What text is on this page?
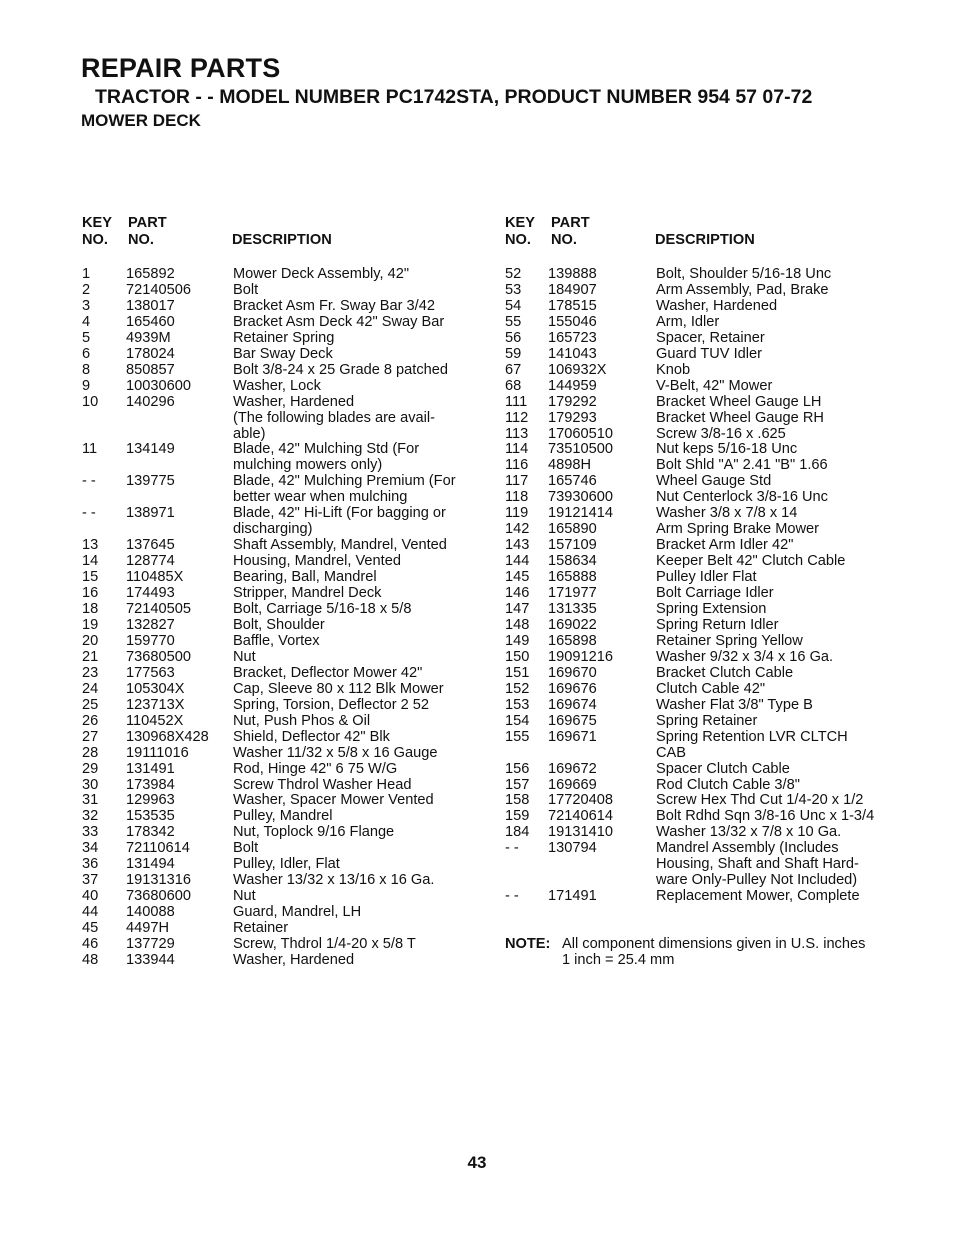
REPAIR PARTS
TRACTOR - - MODEL NUMBER PC1742STA, PRODUCT NUMBER 954 57 07-72
MOWER DECK
KEY
NO.
PART
NO.	DESCRIPTION
1 165892	Mower Deck Assembly, 42"
2 72140506	Bolt
3 138017	Bracket Asm Fr. Sway Bar 3/42
4 165460	Bracket Asm Deck 42" Sway Bar
5 4939M	Retainer Spring
6 178024	Bar Sway Deck
8 850857	Bolt 3/8-24 x 25 Grade 8 patched
9 10030600	Washer, Lock
10 140296	Washer, Hardened
(The following blades are avail-
able)
11 134149	Blade, 42" Mulching Std (For
mulching mowers only)
- - 139775	Blade, 42" Mulching Premium (For
better wear when mulching
- - 138971	Blade, 42" Hi-Lift (For bagging or
discharging)
13 137645	Shaft Assembly, Mandrel, Vented
14 128774	Housing, Mandrel, Vented
15 110485X	Bearing, Ball, Mandrel
16 174493	Stripper, Mandrel Deck
18 72140505	Bolt, Carriage 5/16-18 x 5/8
19 132827	Bolt, Shoulder
20 159770	Baffle, Vortex
21 73680500	Nut
23 177563	Bracket, Deflector Mower 42"
24 105304X	Cap, Sleeve 80 x 112 Blk Mower
25 123713X	Spring, Torsion, Deflector 2 52
26 110452X	Nut, Push Phos & Oil
27 130968X428 Shield, Deflector 42" Blk
28 19111016	Washer 11/32 x 5/8 x 16 Gauge
29 131491	Rod, Hinge 42" 6 75 W/G
30 173984	Screw Thdrol Washer Head
31 129963	Washer, Spacer Mower Vented
32 153535	Pulley, Mandrel
33 178342	Nut, Toplock 9/16 Flange
34 72110614	Bolt
36 131494	Pulley, Idler, Flat
37 19131316	Washer 13/32 x 13/16 x 16 Ga.
40 73680600	Nut
44 140088	Guard, Mandrel, LH
45 4497H	Retainer
46 137729	Screw, Thdrol 1/4-20 x 5/8 T
48 133944	Washer, Hardened
KEY
NO.
PART
NO.	DESCRIPTION
52 139888	Bolt, Shoulder 5/16-18 Unc
53 184907	Arm Assembly, Pad, Brake
54 178515	Washer, Hardened
55 155046	Arm, Idler
56 165723	Spacer, Retainer
59 141043	Guard TUV Idler
67 106932X	Knob
68 144959	V-Belt, 42" Mower
111 179292	Bracket Wheel Gauge LH
112 179293	Bracket Wheel Gauge RH
113 17060510	Screw 3/8-16 x .625
114 73510500	Nut keps 5/16-18 Unc
116 4898H	Bolt Shld "A" 2.41 "B" 1.66
117 165746	Wheel Gauge Std
118 73930600	Nut Centerlock 3/8-16 Unc
119 19121414	Washer 3/8 x 7/8 x 14
142 165890	Arm Spring Brake Mower
143 157109	Bracket Arm Idler 42"
144 158634	Keeper Belt 42" Clutch Cable
145 165888	Pulley Idler Flat
146 171977	Bolt Carriage Idler
147 131335	Spring Extension
148 169022	Spring Return Idler
149 165898	Retainer Spring Yellow
150 19091216	Washer 9/32 x 3/4 x 16 Ga.
151 169670	Bracket Clutch Cable
152 169676	Clutch Cable 42"
153 169674	Washer Flat 3/8" Type B
154 169675	Spring Retainer
155 169671	Spring Retention LVR CLTCH
CAB
156 169672	Spacer Clutch Cable
157 169669	Rod Clutch Cable 3/8"
158 17720408	Screw Hex Thd Cut 1/4-20 x 1/2
159 72140614	Bolt Rdhd Sqn 3/8-16 Unc x 1-3/4
184 19131410	Washer 13/32 x 7/8 x 10 Ga.
- - 130794	Mandrel Assembly (Includes
Housing, Shaft and Shaft Hard-
ware Only-Pulley Not Included)
- - 171491	Replacement Mower, Complete
NOTE: All component dimensions given in U.S. inches
1 inch = 25.4 mm
43
